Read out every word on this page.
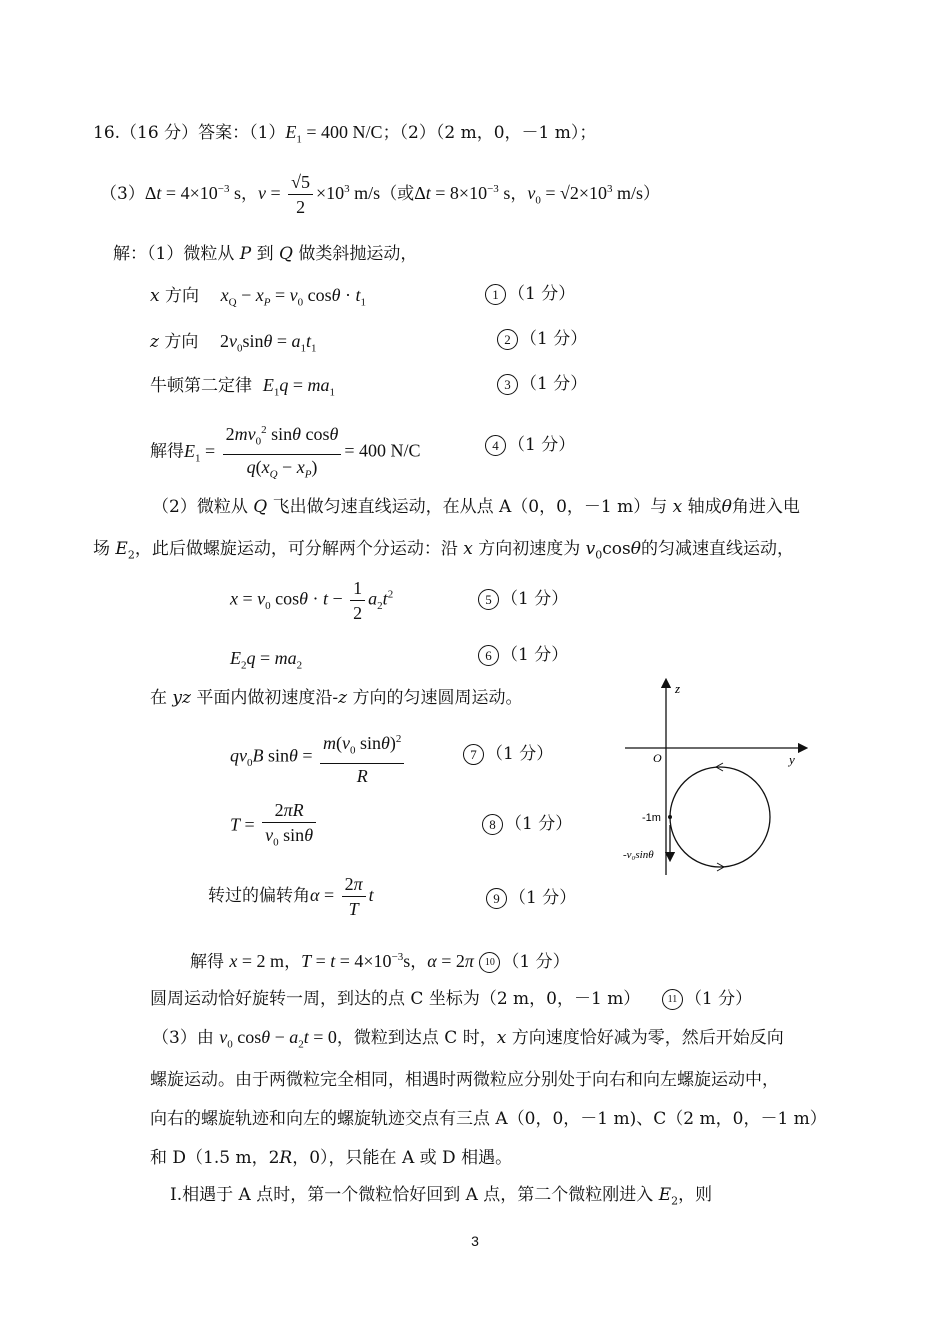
16.（16 分）答案：$(1)E_1 = 400$ N/C；（2）（2 m，0，－1 m）；
$(3)\Delta t = 4\times 10^{-3}$ s，$v = \frac{√5}{2} \times 10^3$ m/s（或$\Delta t = 8\times 10^{-3}$ s，$v_0 = √2\times 10^3$ m/s）
解：（1）微粒从 P 到 Q 做类斜抛运动，
x 方向    $x_Q - x_P = v_0$ $\cos\theta \cdot t_1$
1 （1 分）
z 方向    $2v_0\sin\theta = a_1t_1$
2 （1 分）
牛顿第二定律  $E_1q = ma_1$
3 （1 分）
解得$E_1 = \frac{2mv_0^2 \sin\theta \cos\theta}{q(x_Q - x_P)} = 400$ N/C	4 （1 分）
（2）微粒从 Q 飞出做匀速直线运动，在从点 A（0，0，－1 m）与 x 轴成θ角进入电
场 $E_2$，此后做螺旋运动，可分解两个分运动：沿 x 方向初速度为 $v_0\cos\theta$的匀减速直线运动，
$x = v_0$ $\cos\theta \cdot t - \frac{1}{2} a_2t^2$	5 （1 分）
$E_2q = ma_2$
6 （1 分）
在 yz 平面内做初速度沿-z 方向的匀速圆周运动。
$qv_0B$ $\sin\theta = \frac{m(v_0 \sin\theta)^2}{R}$	7 （1 分）
$T = \frac{2\pi R}{v_0 \sin\theta}$	8 （1 分）
转过的偏转角$\alpha = \frac{2\pi}{T}$ t	9 （1 分）
解得 x = 2 m，$T = t = 4\times 10^{-3}s$，α = 2π 10 （1 分）
圆周运动恰好旋转一周，到达的点 C 坐标为（2 m，0，－1 m）    11 （1 分）
（3）由 $v_0$ $\cos\theta - a_2t = 0$，微粒到达点 C 时，x 方向速度恰好减为零，然后开始反向
螺旋运动。由于两微粒完全相同，相遇时两微粒应分别处于向右和向左螺旋运动中，
向右的螺旋轨迹和向左的螺旋轨迹交点有三点 A（0，0，－1 m)、C（2 m，0，－1 m）
和 D（1.5 m，2R，0），只能在 A 或 D 相遇。
I.相遇于 A 点时，第一个微粒恰好回到 A 点，第二个微粒刚进入 $E_2$，则
z
y
O
-1m
-v₀sinθ
3
